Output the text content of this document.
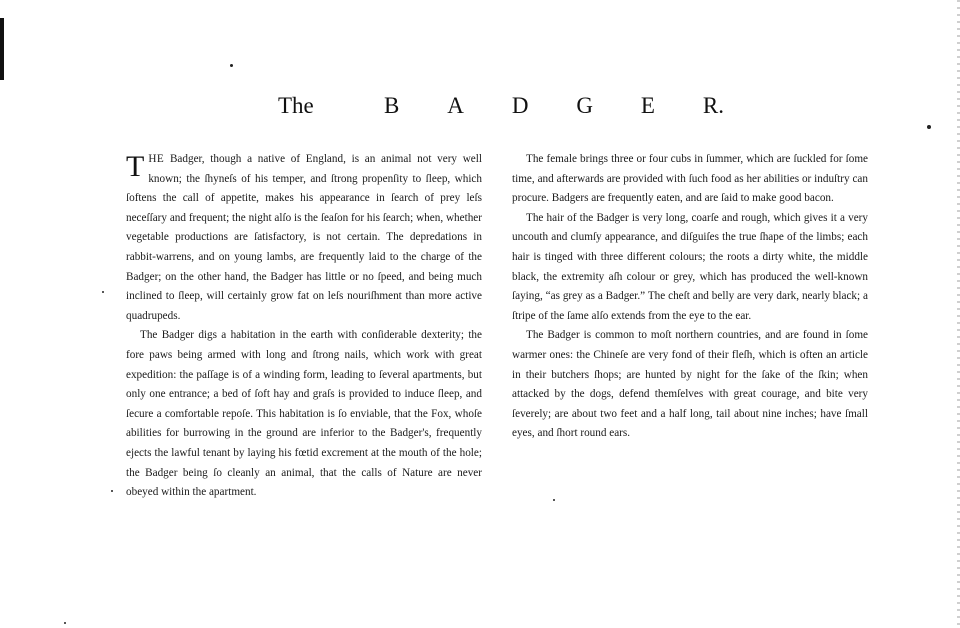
The	B A D G E R.

THE Badger, though a native of England, is an animal not very well known; the ſhyneſs of his temper, and ſtrong propenſity to ſleep, which ſoftens the call of appetite, makes his appearance in ſearch of prey leſs neceſſary and frequent; the night alſo is the ſeaſon for his ſearch; when, whether vegetable productions are ſatisfactory, is not certain. The depredations in rabbit-warrens, and on young lambs, are frequently laid to the charge of the Badger; on the other hand, the Badger has little or no ſpeed, and being much inclined to ſleep, will certainly grow fat on leſs nouriſhment than more active quadrupeds.

The Badger digs a habitation in the earth with conſiderable dexterity; the fore paws being armed with long and ſtrong nails, which work with great expedition: the paſſage is of a winding form, leading to ſeveral apartments, but only one entrance; a bed of ſoft hay and graſs is provided to induce ſleep, and ſecure a comfortable repoſe. This habitation is ſo enviable, that the Fox, whoſe abilities for burrowing in the ground are inferior to the Badger's, frequently ejects the lawful tenant by laying his fœtid excrement at the mouth of the hole; the Badger being ſo cleanly an animal, that the calls of Nature are never obeyed within the apartment.

The female brings three or four cubs in ſummer, which are ſuckled for ſome time, and afterwards are provided with ſuch food as her abilities or induſtry can procure. Badgers are frequently eaten, and are ſaid to make good bacon.

The hair of the Badger is very long, coarſe and rough, which gives it a very uncouth and clumſy appearance, and diſguiſes the true ſhape of the limbs; each hair is tinged with three different colours; the roots a dirty white, the middle black, the extremity aſh colour or grey, which has produced the well-known ſaying, “as grey as a Badger.” The cheſt and belly are very dark, nearly black; a ſtripe of the ſame alſo extends from the eye to the ear.

The Badger is common to moſt northern countries, and are found in ſome warmer ones: the Chineſe are very fond of their fleſh, which is often an article in their butchers ſhops; are hunted by night for the ſake of the ſkin; when attacked by the dogs, defend themſelves with great courage, and bite very ſeverely; are about two feet and a half long, tail about nine inches; have ſmall eyes, and ſhort round ears.
